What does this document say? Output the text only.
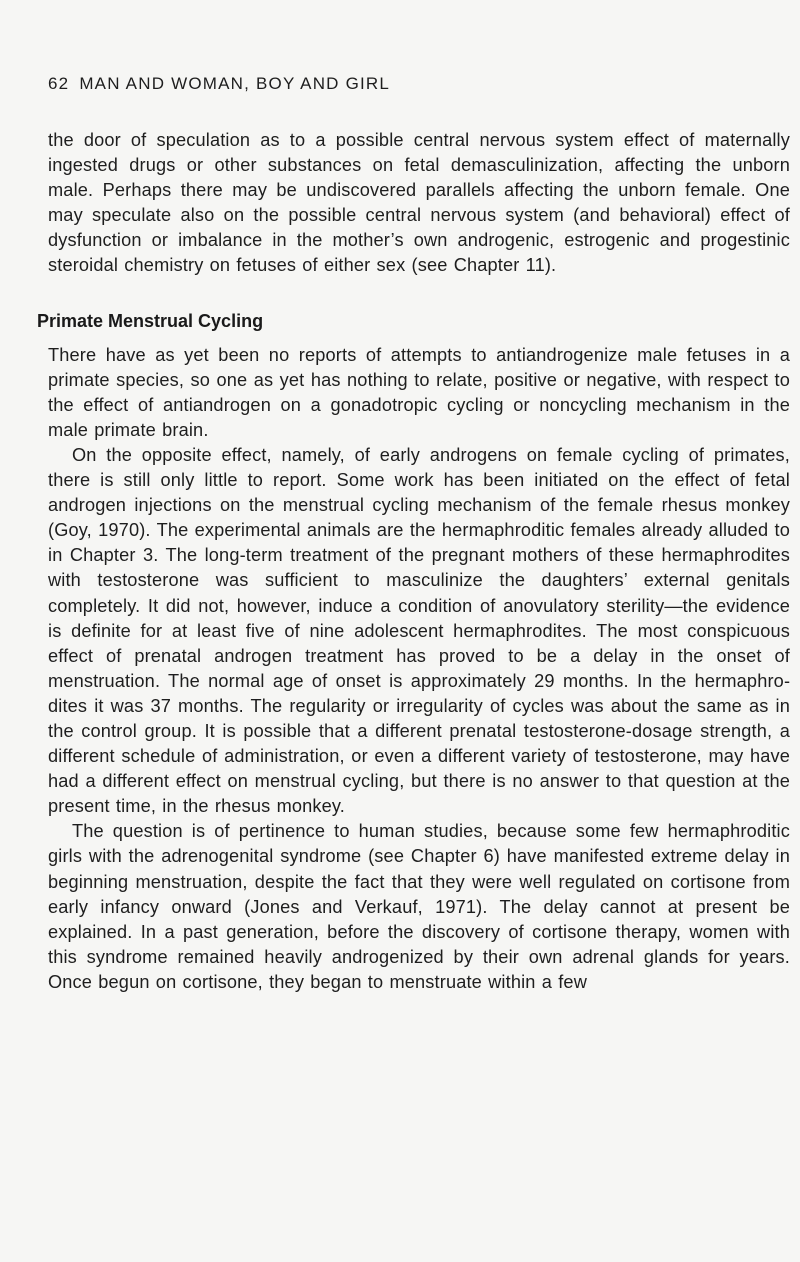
62 MAN AND WOMAN, BOY AND GIRL

the door of speculation as to a possible central nervous system effect of maternally ingested drugs or other substances on fetal demasculinization, affecting the unborn male. Perhaps there may be undiscovered parallels affecting the unborn female. One may speculate also on the possible central nervous system (and behavioral) effect of dysfunction or imbalance in the mother’s own androgenic, estrogenic and progestinic steroidal chemistry on fetuses of either sex (see Chapter 11).

Primate Menstrual Cycling

There have as yet been no reports of attempts to antiandrogenize male fetuses in a primate species, so one as yet has nothing to relate, positive or negative, with respect to the effect of antiandrogen on a gonadotropic cycling or noncycling mechanism in the male primate brain.

On the opposite effect, namely, of early androgens on female cycling of primates, there is still only little to report. Some work has been initiated on the effect of fetal androgen injections on the menstrual cycling mechanism of the female rhesus monkey (Goy, 1970). The experimental animals are the hermaphroditic females already alluded to in Chapter 3. The long-term treatment of the pregnant mothers of these hermaphrodites with testosterone was sufficient to masculinize the daughters’ external genitals completely. It did not, however, induce a condition of anovulatory sterility—the evidence is definite for at least five of nine adolescent hermaphrodites. The most conspicuous effect of prenatal androgen treatment has proved to be a delay in the onset of menstruation. The normal age of onset is approximately 29 months. In the hermaphrodites it was 37 months. The regularity or irregularity of cycles was about the same as in the control group. It is possible that a different prenatal testosterone-dosage strength, a different schedule of administration, or even a different variety of testosterone, may have had a different effect on menstrual cycling, but there is no answer to that question at the present time, in the rhesus monkey.

The question is of pertinence to human studies, because some few hermaphroditic girls with the adrenogenital syndrome (see Chapter 6) have manifested extreme delay in beginning menstruation, despite the fact that they were well regulated on cortisone from early infancy onward (Jones and Verkauf, 1971). The delay cannot at present be explained. In a past generation, before the discovery of cortisone therapy, women with this syndrome remained heavily androgenized by their own adrenal glands for years. Once begun on cortisone, they began to menstruate within a few
